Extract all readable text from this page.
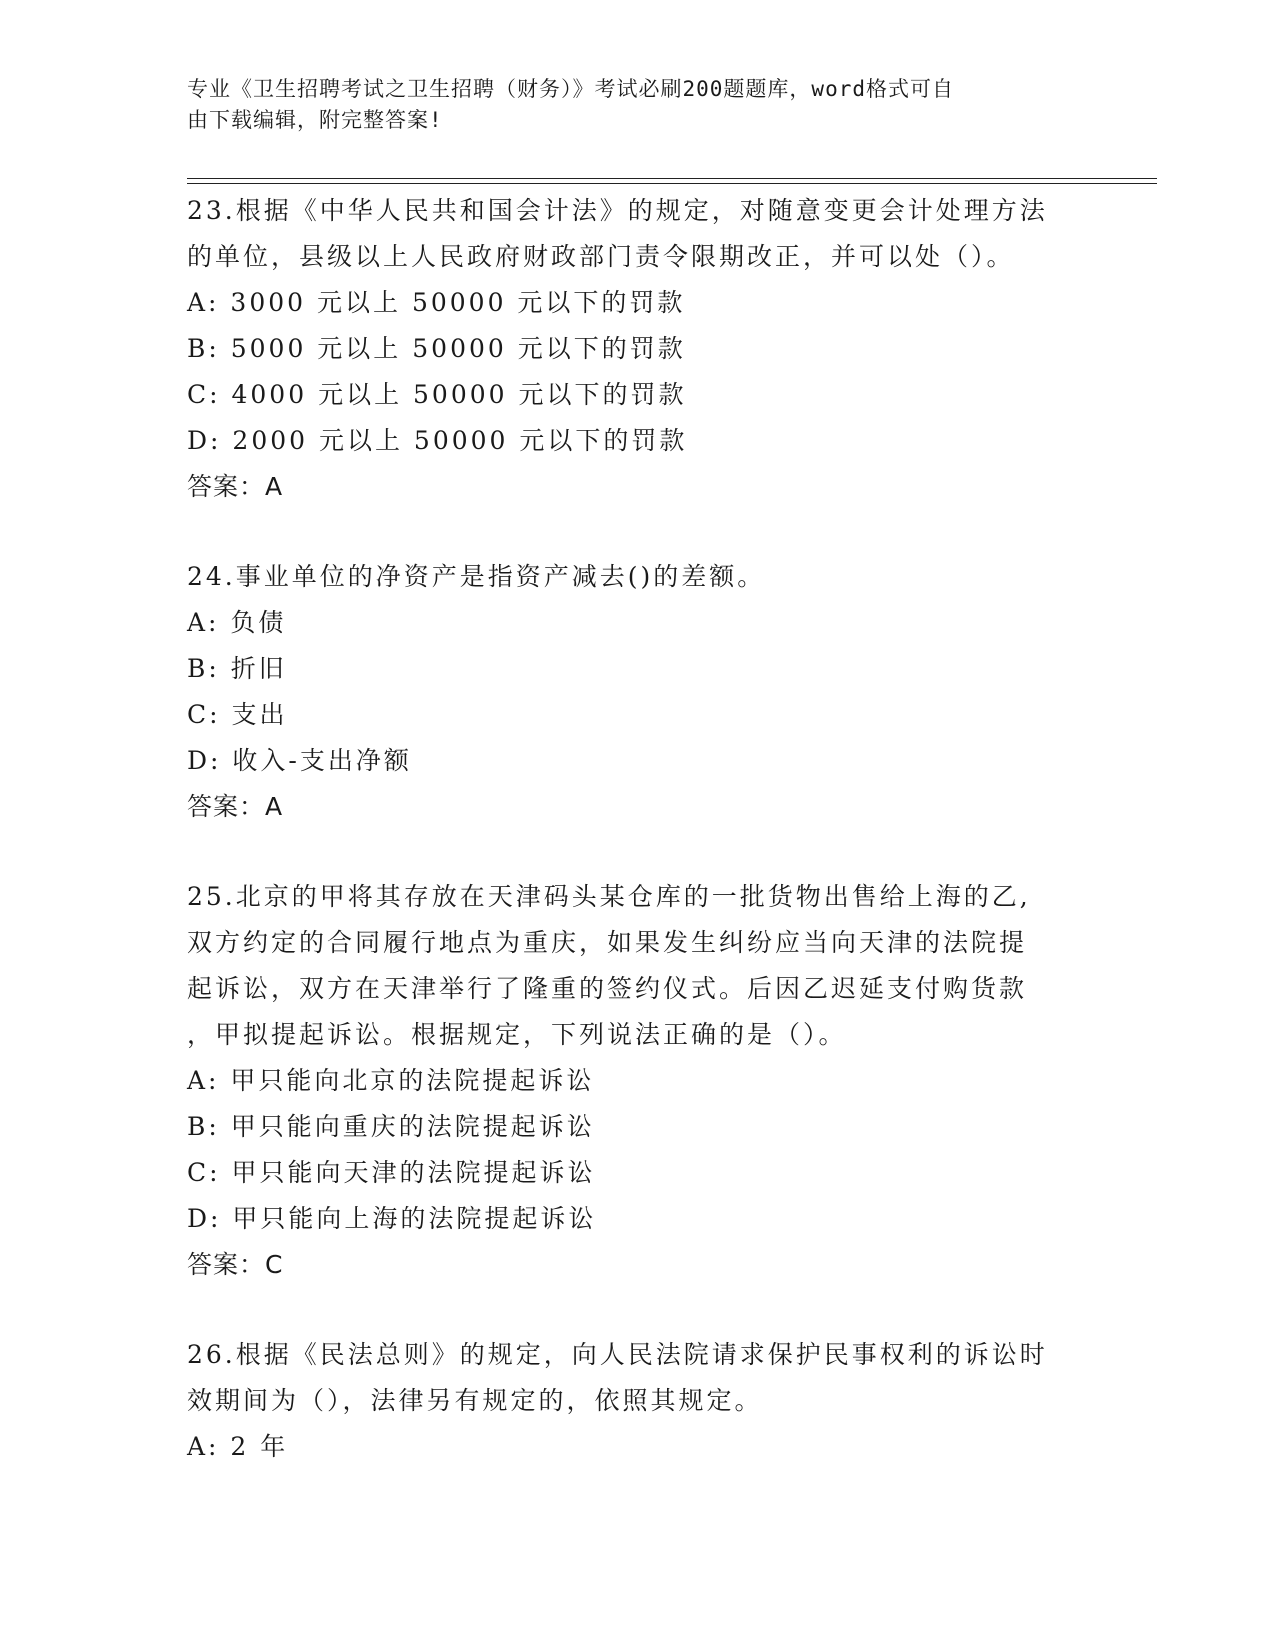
专业《卫生招聘考试之卫生招聘（财务）》考试必刷200题题库，word格式可自
由下载编辑，附完整答案!
23.根据《中华人民共和国会计法》的规定，对随意变更会计处理方法
的单位，县级以上人民政府财政部门责令限期改正，并可以处（）。
A: 3000 元以上 50000 元以下的罚款
B: 5000 元以上 50000 元以下的罚款
C: 4000 元以上 50000 元以下的罚款
D: 2000 元以上 50000 元以下的罚款
答案：A
24.事业单位的净资产是指资产减去()的差额。
A: 负债
B: 折旧
C: 支出
D: 收入-支出净额
答案：A
25.北京的甲将其存放在天津码头某仓库的一批货物出售给上海的乙,
双方约定的合同履行地点为重庆，如果发生纠纷应当向天津的法院提
起诉讼，双方在天津举行了隆重的签约仪式。后因乙迟延支付购货款
，甲拟提起诉讼。根据规定，下列说法正确的是（）。
A: 甲只能向北京的法院提起诉讼
B: 甲只能向重庆的法院提起诉讼
C: 甲只能向天津的法院提起诉讼
D: 甲只能向上海的法院提起诉讼
答案：C
26.根据《民法总则》的规定，向人民法院请求保护民事权利的诉讼时
效期间为（），法律另有规定的，依照其规定。
A: 2 年
